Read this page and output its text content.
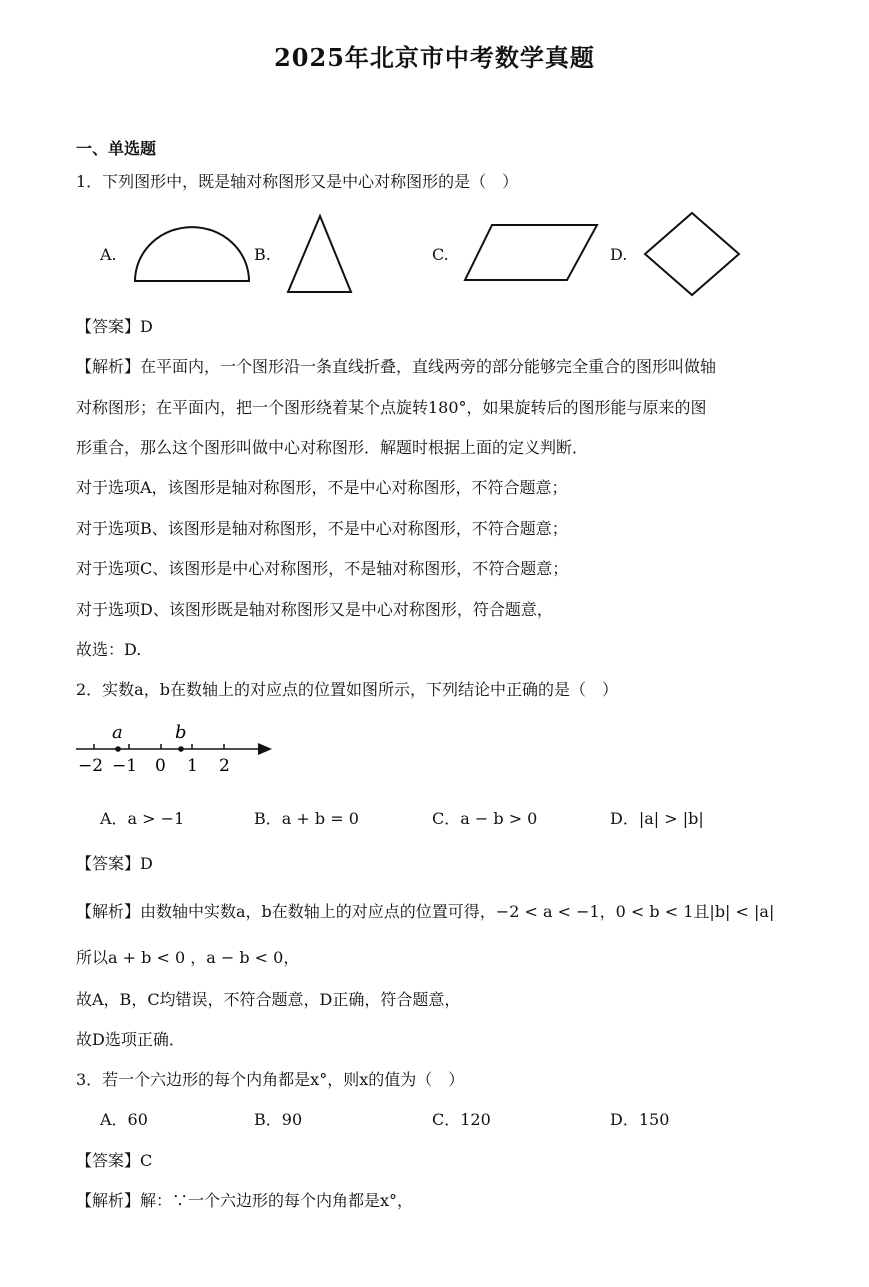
2025年北京市中考数学真题
一、单选题
1．下列图形中，既是轴对称图形又是中心对称图形的是（　）
A.	B.	C.	D.
【答案】D
【解析】在平面内，一个图形沿一条直线折叠，直线两旁的部分能够完全重合的图形叫做轴
对称图形；在平面内，把一个图形绕着某个点旋转180°，如果旋转后的图形能与原来的图
形重合，那么这个图形叫做中心对称图形．解题时根据上面的定义判断．
对于选项A，该图形是轴对称图形，不是中心对称图形，不符合题意；
对于选项B、该图形是轴对称图形，不是中心对称图形，不符合题意；
对于选项C、该图形是中心对称图形，不是轴对称图形，不符合题意；
对于选项D、该图形既是轴对称图形又是中心对称图形，符合题意，
故选：D.
2．实数a，b在数轴上的对应点的位置如图所示，下列结论中正确的是（　）
a	b
−2 −1 0 1 2
A．a > −1	B．a + b = 0	C．a − b > 0	D．|a| > |b|
【答案】D
【解析】由数轴中实数a，b在数轴上的对应点的位置可得，−2 < a < −1，0 < b < 1且|b| < |a|
所以a + b < 0 ，a − b < 0，
故A，B，C均错误，不符合题意，D正确，符合题意，
故D选项正确．
3．若一个六边形的每个内角都是x°，则x的值为（　）
A．60	B．90	C．120	D．150
【答案】C
【解析】解：∵一个六边形的每个内角都是x°，
